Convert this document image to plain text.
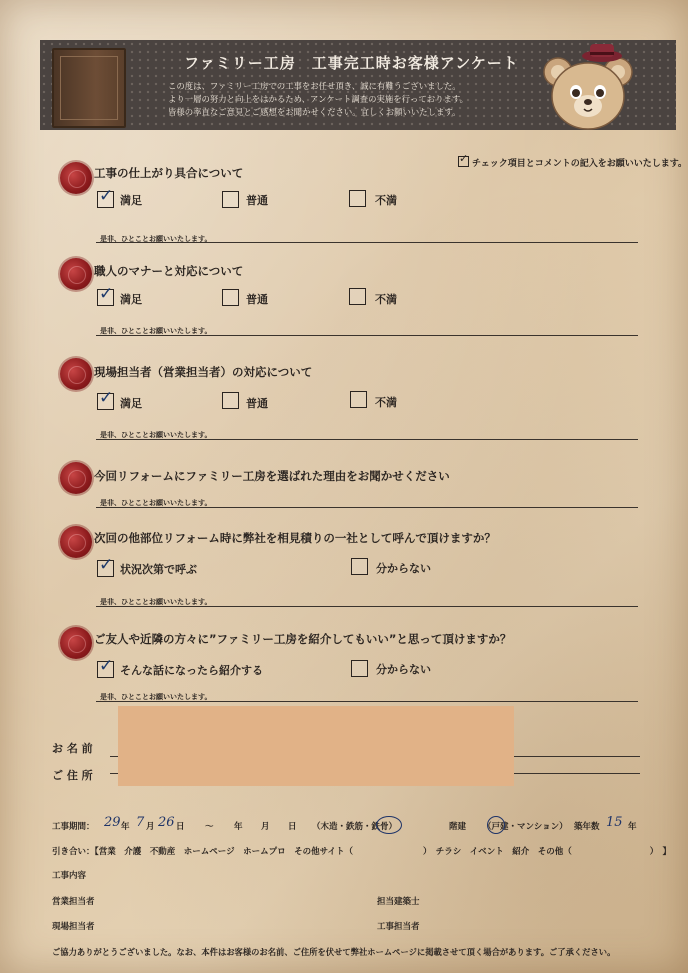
ファミリー工房　工事完工時お客様アンケート
この度は、ファミリー工房での工事をお任せ頂き、誠に有難うございました。
より一層の努力と向上をはかるため、アンケート調査の実施を行っております。
皆様の率直なご意見とご感想をお聞かせください。宜しくお願いいたします。
✓ チェック項目とコメントの記入をお願いいたします。
工事の仕上がり具合について
✓ 満足	普通	不満
是非、ひとことお願いいたします。
職人のマナーと対応について
✓ 満足	普通	不満
是非、ひとことお願いいたします。
現場担当者（営業担当者）の対応について
✓ 満足	普通	不満
是非、ひとことお願いいたします。
今回リフォームにファミリー工房を選ばれた理由をお聞かせください
是非、ひとことお願いいたします。
次回の他部位リフォーム時に弊社を相見積りの一社として呼んで頂けますか？
✓ 状況次第で呼ぶ	分からない
是非、ひとことお願いいたします。
ご友人や近隣の方々に”ファミリー工房を紹介してもいい”と思って頂けますか？
✓ そんな話になったら紹介する	分からない
是非、ひとことお願いいたします。
お 名 前
ご 住 所
工事期間： 29 年 7 月 26 日 ～ 年 月 日 （木造・鉄筋・鉄骨）	階建 （戸建・マンション） 築年数 15 年
引き合い：【営業　介護　不動産　ホームページ　ホームプロ　その他サイト（	）　チラシ　イベント　紹介　その他（	）　】
工事内容
営業担当者	担当建築士
現場担当者	工事担当者
ご協力ありがとうございました。なお、本件はお客様のお名前、ご住所を伏せて弊社ホームページに掲載させて頂く場合があります。ご了承ください。
